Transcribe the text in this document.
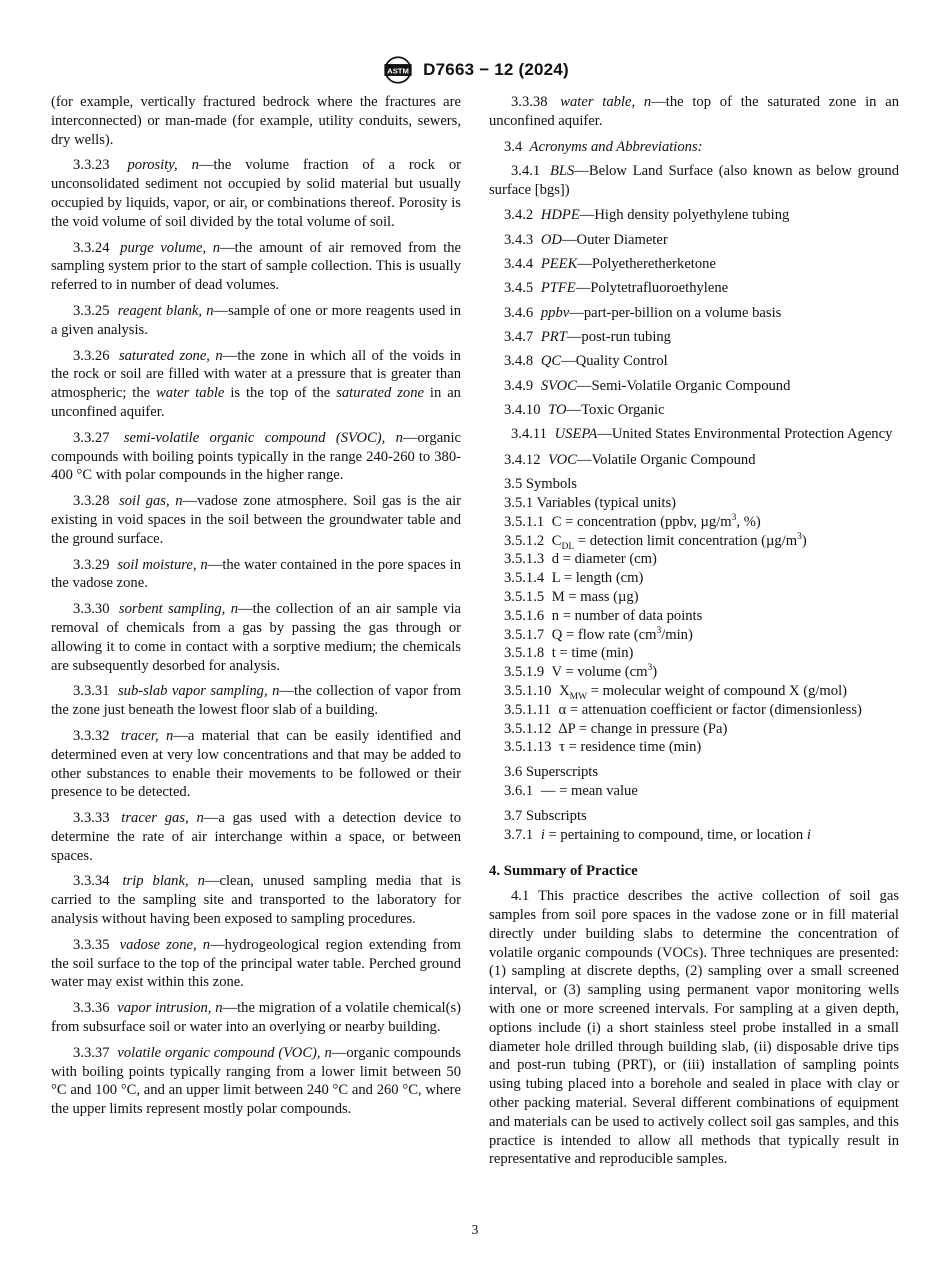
ASTM D7663 − 12 (2024)

(for example, vertically fractured bedrock where the fractures are interconnected) or man-made (for example, utility conduits, sewers, dry wells).

3.3.23 porosity, n—the volume fraction of a rock or unconsolidated sediment not occupied by solid material but usually occupied by liquids, vapor, or air, or combinations thereof. Porosity is the void volume of soil divided by the total volume of soil.

3.3.24 purge volume, n—the amount of air removed from the sampling system prior to the start of sample collection. This is usually referred to in number of dead volumes.

3.3.25 reagent blank, n—sample of one or more reagents used in a given analysis.

3.3.26 saturated zone, n—the zone in which all of the voids in the rock or soil are filled with water at a pressure that is greater than atmospheric; the water table is the top of the saturated zone in an unconfined aquifer.

3.3.27 semi-volatile organic compound (SVOC), n—organic compounds with boiling points typically in the range 240-260 to 380-400 °C with polar compounds in the higher range.

3.3.28 soil gas, n—vadose zone atmosphere. Soil gas is the air existing in void spaces in the soil between the groundwater table and the ground surface.

3.3.29 soil moisture, n—the water contained in the pore spaces in the vadose zone.

3.3.30 sorbent sampling, n—the collection of an air sample via removal of chemicals from a gas by passing the gas through or allowing it to come in contact with a sorptive medium; the chemicals are subsequently desorbed for analysis.

3.3.31 sub-slab vapor sampling, n—the collection of vapor from the zone just beneath the lowest floor slab of a building.

3.3.32 tracer, n—a material that can be easily identified and determined even at very low concentrations and that may be added to other substances to enable their movements to be followed or their presence to be detected.

3.3.33 tracer gas, n—a gas used with a detection device to determine the rate of air interchange within a space, or between spaces.

3.3.34 trip blank, n—clean, unused sampling media that is carried to the sampling site and transported to the laboratory for analysis without having been exposed to sampling procedures.

3.3.35 vadose zone, n—hydrogeological region extending from the soil surface to the top of the principal water table. Perched ground water may exist within this zone.

3.3.36 vapor intrusion, n—the migration of a volatile chemical(s) from subsurface soil or water into an overlying or nearby building.

3.3.37 volatile organic compound (VOC), n—organic compounds with boiling points typically ranging from a lower limit between 50 °C and 100 °C, and an upper limit between 240 °C and 260 °C, where the upper limits represent mostly polar compounds.

3.3.38 water table, n—the top of the saturated zone in an unconfined aquifer.

3.4 Acronyms and Abbreviations:

3.4.1 BLS—Below Land Surface (also known as below ground surface [bgs])

3.4.2 HDPE—High density polyethylene tubing
3.4.3 OD—Outer Diameter
3.4.4 PEEK—Polyetheretherketone
3.4.5 PTFE—Polytetrafluoroethylene
3.4.6 ppbv—part-per-billion on a volume basis
3.4.7 PRT—post-run tubing
3.4.8 QC—Quality Control
3.4.9 SVOC—Semi-Volatile Organic Compound
3.4.10 TO—Toxic Organic

3.4.11 USEPA—United States Environmental Protection Agency

3.4.12 VOC—Volatile Organic Compound
3.5 Symbols
3.5.1 Variables (typical units)
3.5.1.1 C = concentration (ppbv, $\mu g/m^3$, %)
3.5.1.2 $C_{DL}$ = detection limit concentration $(\mu g/m^3)$
3.5.1.3 d = diameter (cm)
3.5.1.4 L = length (cm)
3.5.1.5 M = mass (µg)
3.5.1.6 n = number of data points
3.5.1.7 Q = flow rate $(cm^3/\min)$
3.5.1.8 t = time (min)
3.5.1.9 V = volume $(cm^3)$
3.5.1.10 $X_{MW}$ = molecular weight of compound X (g/mol)
3.5.1.11 α = attenuation coefficient or factor (dimensionless)
3.5.1.12 ΔP = change in pressure (Pa)
3.5.1.13 τ = residence time (min)
3.6 Superscripts
3.6.1 — = mean value
3.7 Subscripts
3.7.1 i = pertaining to compound, time, or location i
4. Summary of Practice

4.1 This practice describes the active collection of soil gas samples from soil pore spaces in the vadose zone or in fill material directly under building slabs to determine the concentration of volatile organic compounds (VOCs). Three techniques are presented: (1) sampling at discrete depths, (2) sampling over a small screened interval, or (3) sampling using permanent vapor monitoring wells with one or more screened intervals. For sampling at a given depth, options include (i) a short stainless steel probe installed in a small diameter hole drilled through building slab, (ii) disposable drive tips and post-run tubing (PRT), or (iii) installation of sampling points using tubing placed into a borehole and sealed in place with clay or other packing material. Several different combinations of equipment and materials can be used to actively collect soil gas samples, and this practice is intended to allow all methods that typically result in representative and reproducible samples.

3
